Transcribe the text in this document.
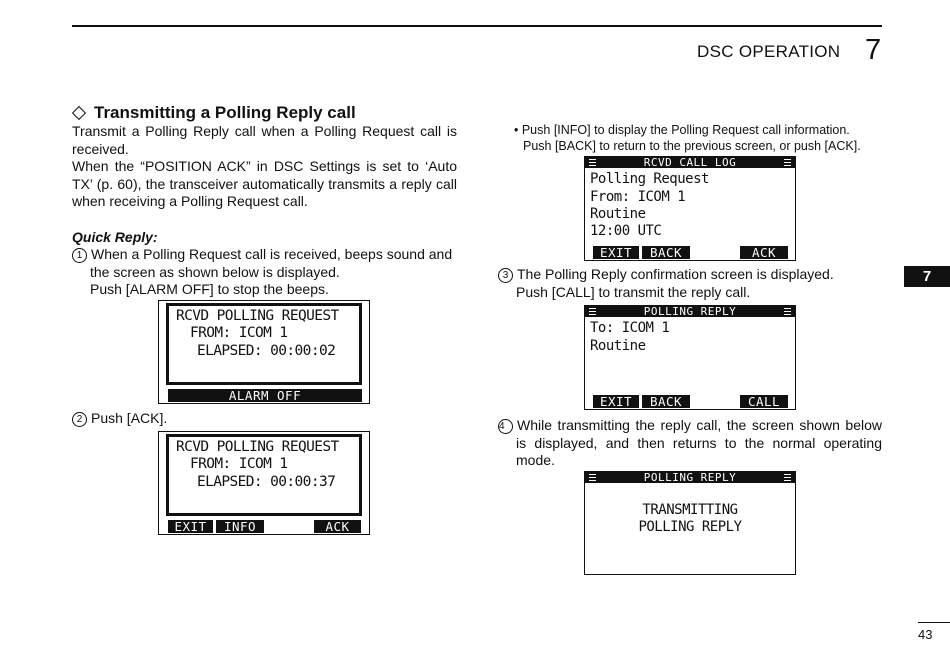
DSC OPERATION 7
7
Transmitting a Polling Reply call
Transmit a Polling Reply call when a Polling Request call is received.
When the “POSITION ACK” in DSC Settings is set to ‘Auto TX’ (p. 60), the transceiver automatically transmits a reply call when receiving a Polling Request call.
Quick Reply:
1 When a Polling Request call is received, beeps sound and
the screen as shown below is displayed.
Push [ALARM OFF] to stop the beeps.
RCVD POLLING REQUEST
FROM: ICOM 1
ELAPSED: 00:00:02
ALARM OFF
2 Push [ACK].
RCVD POLLING REQUEST
FROM: ICOM 1
ELAPSED: 00:00:37
EXIT	INFO	ACK
• Push [INFO] to display the Polling Request call information.
Push [BACK] to return to the previous screen, or push [ACK].
RCVD CALL LOG
Polling Request
From: ICOM 1
Routine
12:00 UTC
EXIT	BACK	ACK
3 The Polling Reply confirmation screen is displayed.
Push [CALL] to transmit the reply call.
POLLING REPLY
To: ICOM 1
Routine
EXIT	BACK	CALL
4 While transmitting the reply call, the screen shown below
is displayed, and then returns to the normal operating
mode.
POLLING REPLY
TRANSMITTING
POLLING REPLY
43
